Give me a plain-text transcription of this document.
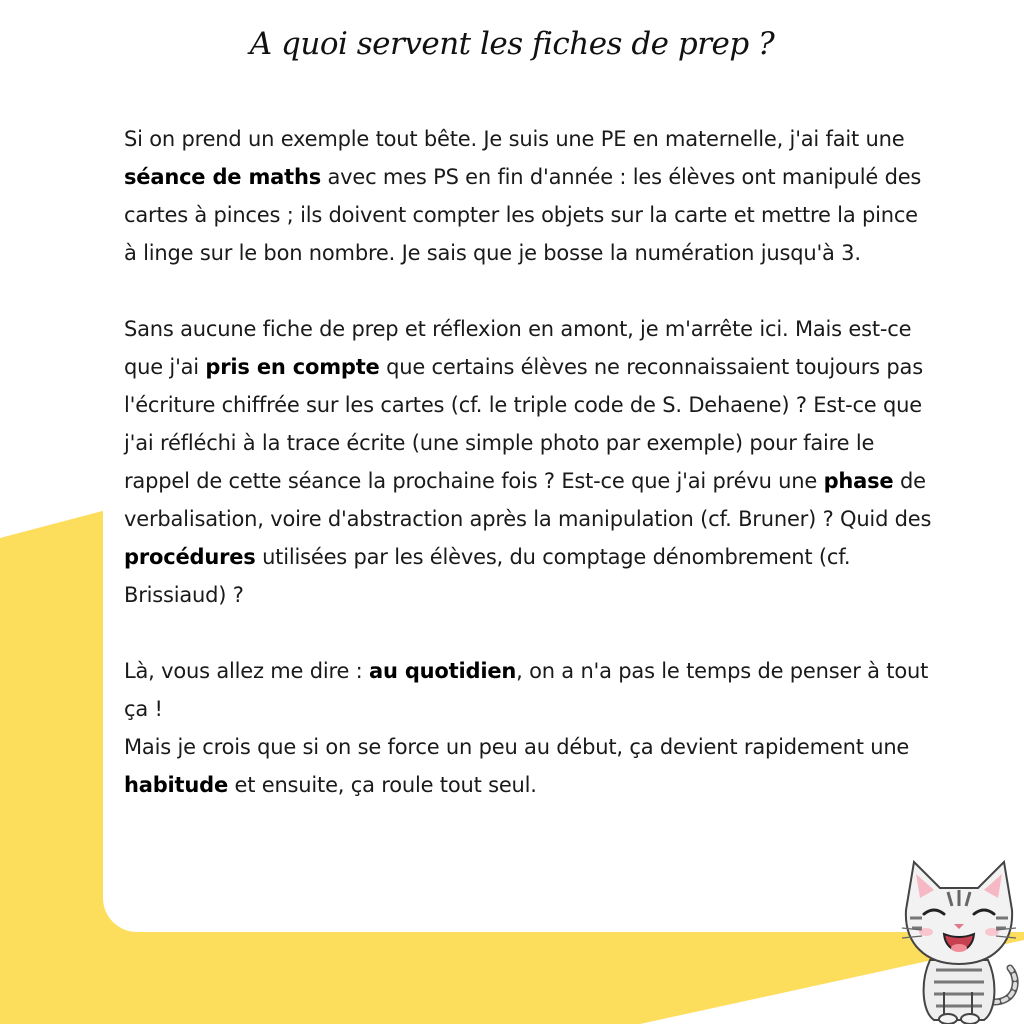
A quoi servent les fiches de prep ?

Si on prend un exemple tout bête. Je suis une PE en maternelle, j'ai fait une séance de maths avec mes PS en fin d'année : les élèves ont manipulé des cartes à pinces ; ils doivent compter les objets sur la carte et mettre la pince à linge sur le bon nombre. Je sais que je bosse la numération jusqu'à 3.

Sans aucune fiche de prep et réflexion en amont, je m'arrête ici. Mais est-ce que j'ai pris en compte que certains élèves ne reconnaissaient toujours pas l'écriture chiffrée sur les cartes (cf. le triple code de S. Dehaene) ? Est-ce que j'ai réfléchi à la trace écrite (une simple photo par exemple) pour faire le rappel de cette séance la prochaine fois ? Est-ce que j'ai prévu une phase de verbalisation, voire d'abstraction après la manipulation (cf. Bruner) ? Quid des procédures utilisées par les élèves, du comptage dénombrement (cf. Brissiaud) ?

Là, vous allez me dire : au quotidien, on a n'a pas le temps de penser à tout ça !
Mais je crois que si on se force un peu au début, ça devient rapidement une habitude et ensuite, ça roule tout seul.
